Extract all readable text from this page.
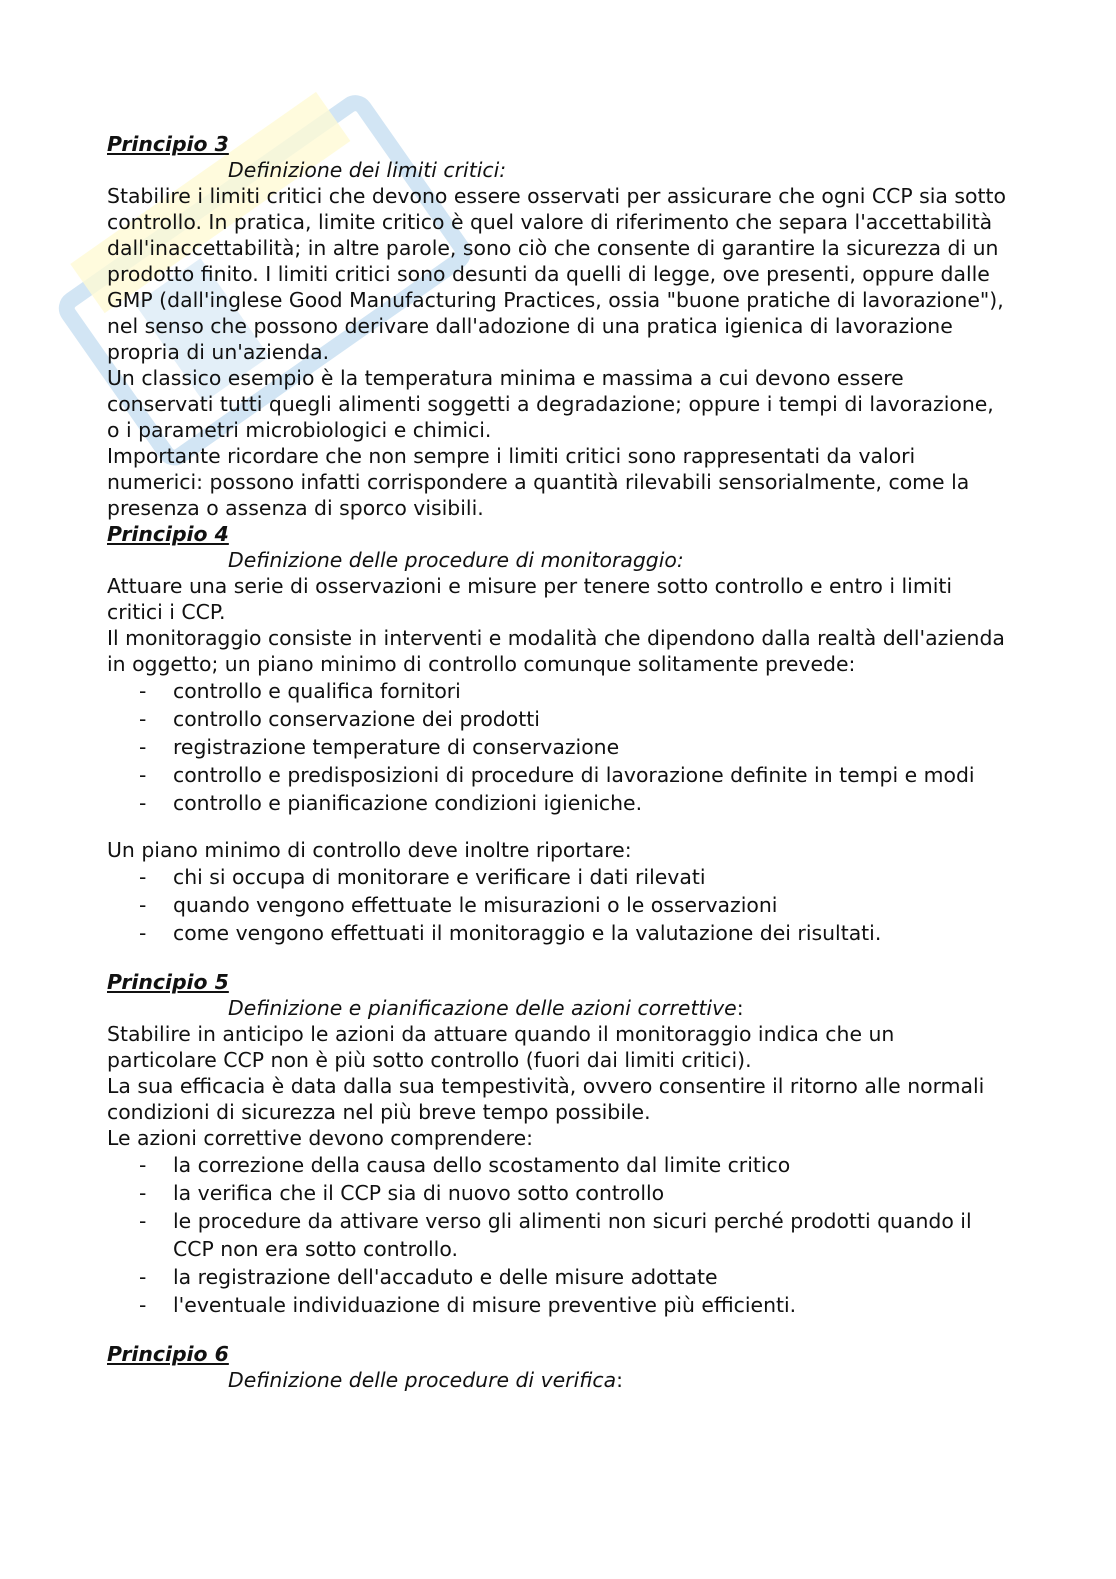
Principio 3

Definizione dei limiti critici:

Stabilire i limiti critici che devono essere osservati per assicurare che ogni CCP sia sotto controllo. In pratica, limite critico è quel valore di riferimento che separa l'accettabilità dall'inaccettabilità; in altre parole, sono ciò che consente di garantire la sicurezza di un prodotto finito. I limiti critici sono desunti da quelli di legge, ove presenti, oppure dalle GMP (dall'inglese Good Manufacturing Practices, ossia "buone pratiche di lavorazione"), nel senso che possono derivare dall'adozione di una pratica igienica di lavorazione propria di un'azienda.

Un classico esempio è la temperatura minima e massima a cui devono essere conservati tutti quegli alimenti soggetti a degradazione; oppure i tempi di lavorazione, o i parametri microbiologici e chimici.

Importante ricordare che non sempre i limiti critici sono rappresentati da valori numerici: possono infatti corrispondere a quantità rilevabili sensorialmente, come la presenza o assenza di sporco visibili.

Principio 4

Definizione delle procedure di monitoraggio:

Attuare una serie di osservazioni e misure per tenere sotto controllo e entro i limiti critici i CCP.

Il monitoraggio consiste in interventi e modalità che dipendono dalla realtà dell'azienda in oggetto; un piano minimo di controllo comunque solitamente prevede:

- controllo e qualifica fornitori
- controllo conservazione dei prodotti
- registrazione temperature di conservazione
- controllo e predisposizioni di procedure di lavorazione definite in tempi e modi
- controllo e pianificazione condizioni igieniche.

Un piano minimo di controllo deve inoltre riportare:

- chi si occupa di monitorare e verificare i dati rilevati
- quando vengono effettuate le misurazioni o le osservazioni
- come vengono effettuati il monitoraggio e la valutazione dei risultati.

Principio 5

Definizione e pianificazione delle azioni correttive:

Stabilire in anticipo le azioni da attuare quando il monitoraggio indica che un particolare CCP non è più sotto controllo (fuori dai limiti critici).

La sua efficacia è data dalla sua tempestività, ovvero consentire il ritorno alle normali condizioni di sicurezza nel più breve tempo possibile.

Le azioni correttive devono comprendere:

- la correzione della causa dello scostamento dal limite critico
- la verifica che il CCP sia di nuovo sotto controllo
- le procedure da attivare verso gli alimenti non sicuri perché prodotti quando il CCP non era sotto controllo.
- la registrazione dell'accaduto e delle misure adottate
- l'eventuale individuazione di misure preventive più efficienti.

Principio 6

Definizione delle procedure di verifica:
